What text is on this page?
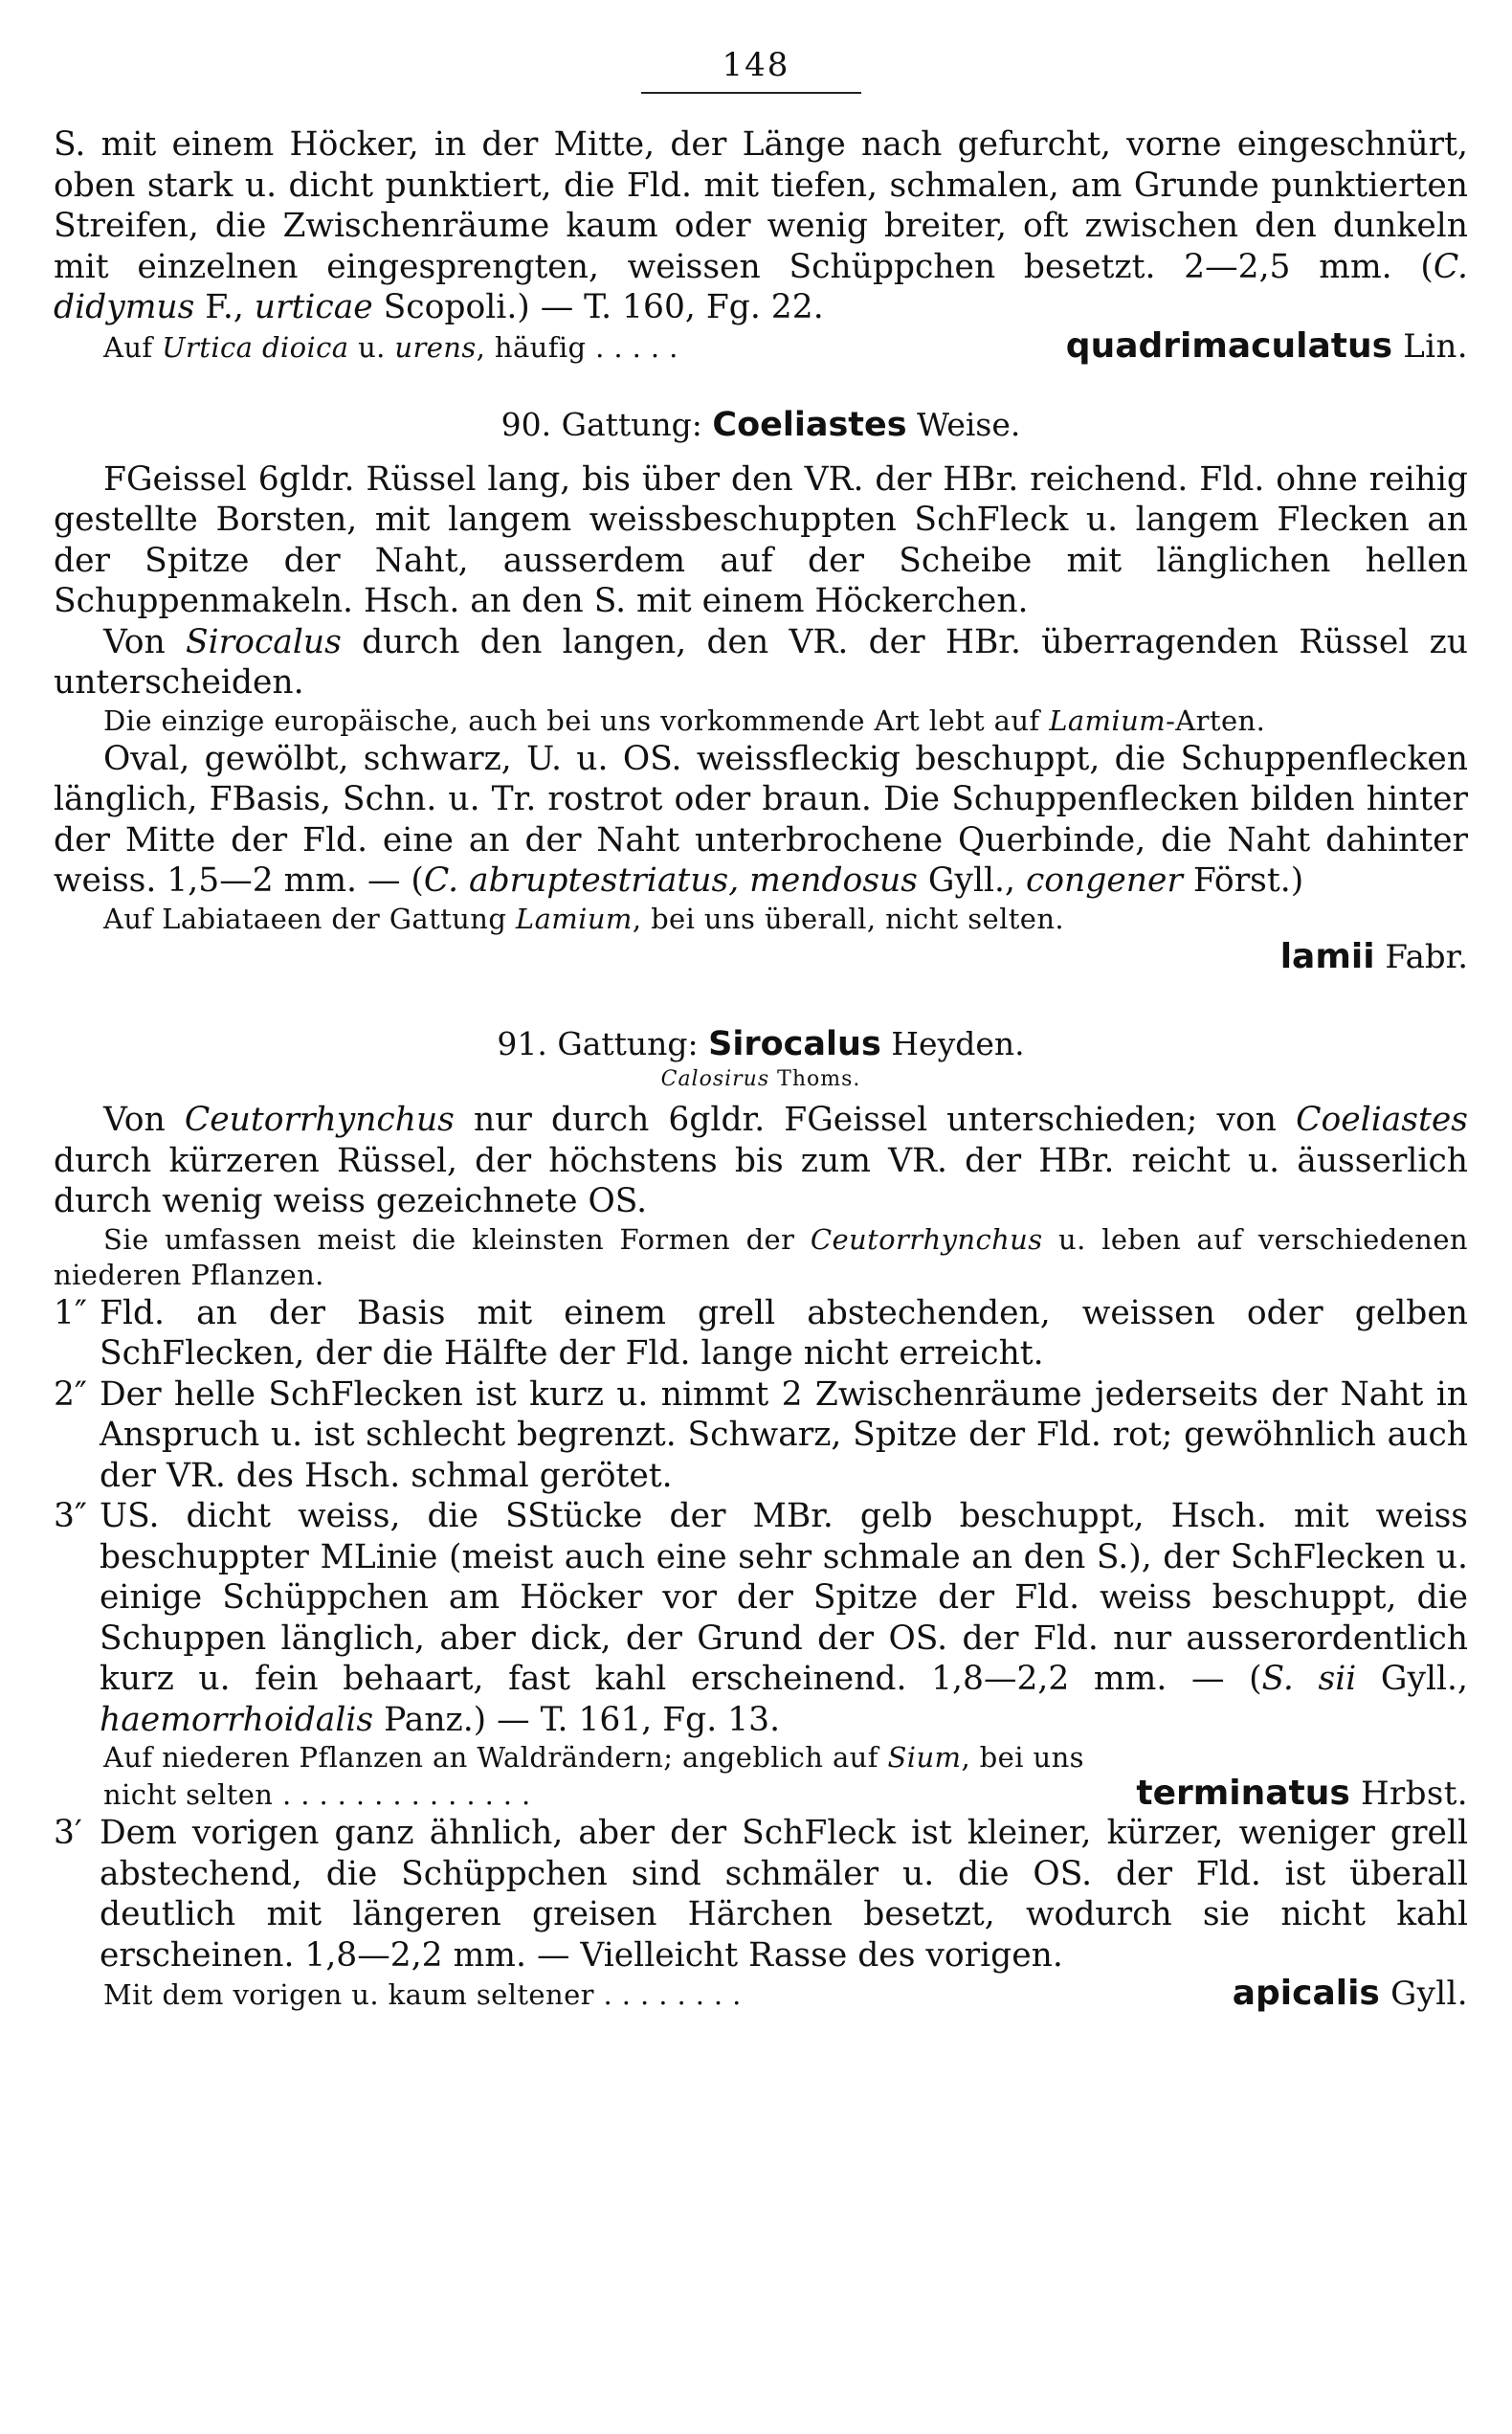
148

S. mit einem Höcker, in der Mitte, der Länge nach gefurcht, vorne eingeschnürt, oben stark u. dicht punktiert, die Fld. mit tiefen, schmalen, am Grunde punktierten Streifen, die Zwischenräume kaum oder wenig breiter, oft zwischen den dunkeln mit einzelnen eingesprengten, weissen Schüppchen besetzt. 2—2,5 mm. (C. didymus F., urticae Scopoli.) — T. 160, Fg. 22.

Auf Urtica dioica u. urens, häufig . . . . .	quadrimaculatus Lin.

90. Gattung: Coeliastes Weise.

FGeissel 6gldr. Rüssel lang, bis über den VR. der HBr. reichend. Fld. ohne reihig gestellte Borsten, mit langem weissbeschuppten SchFleck u. langem Flecken an der Spitze der Naht, ausserdem auf der Scheibe mit länglichen hellen Schuppenmakeln. Hsch. an den S. mit einem Höckerchen.

Von Sirocalus durch den langen, den VR. der HBr. überragenden Rüssel zu unterscheiden.

Die einzige europäische, auch bei uns vorkommende Art lebt auf Lamium-Arten.

Oval, gewölbt, schwarz, U. u. OS. weissfleckig beschuppt, die Schuppenflecken länglich, FBasis, Schn. u. Tr. rostrot oder braun. Die Schuppenflecken bilden hinter der Mitte der Fld. eine an der Naht unterbrochene Querbinde, die Naht dahinter weiss. 1,5—2 mm. — (C. abruptestriatus, mendosus Gyll., congener Först.)

Auf Labiataeen der Gattung Lamium, bei uns überall, nicht selten.

lamii Fabr.

91. Gattung: Sirocalus Heyden.

Calosirus Thoms.

Von Ceutorrhynchus nur durch 6gldr. FGeissel unterschieden; von Coeliastes durch kürzeren Rüssel, der höchstens bis zum VR. der HBr. reicht u. äusserlich durch wenig weiss gezeichnete OS.

Sie umfassen meist die kleinsten Formen der Ceutorrhynchus u. leben auf verschiedenen niederen Pflanzen.

1″ Fld. an der Basis mit einem grell abstechenden, weissen oder gelben SchFlecken, der die Hälfte der Fld. lange nicht erreicht.
2″ Der helle SchFlecken ist kurz u. nimmt 2 Zwischenräume jederseits der Naht in Anspruch u. ist schlecht begrenzt. Schwarz, Spitze der Fld. rot; gewöhnlich auch der VR. des Hsch. schmal gerötet.
3″ US. dicht weiss, die SStücke der MBr. gelb beschuppt, Hsch. mit weiss beschuppter MLinie (meist auch eine sehr schmale an den S.), der SchFlecken u. einige Schüppchen am Höcker vor der Spitze der Fld. weiss beschuppt, die Schuppen länglich, aber dick, der Grund der OS. der Fld. nur ausserordentlich kurz u. fein behaart, fast kahl erscheinend. 1,8—2,2 mm. — (S. sii Gyll., haemorrhoidalis Panz.) — T. 161, Fg. 13.

Auf niederen Pflanzen an Waldrändern; angeblich auf Sium, bei uns

nicht selten . . . . . . . . . . . . . .	terminatus Hrbst.
3′ Dem vorigen ganz ähnlich, aber der SchFleck ist kleiner, kürzer, weniger grell abstechend, die Schüppchen sind schmäler u. die OS. der Fld. ist überall deutlich mit längeren greisen Härchen besetzt, wodurch sie nicht kahl erscheinen. 1,8—2,2 mm. — Vielleicht Rasse des vorigen.
Mit dem vorigen u. kaum seltener . . . . . . . .	apicalis Gyll.
